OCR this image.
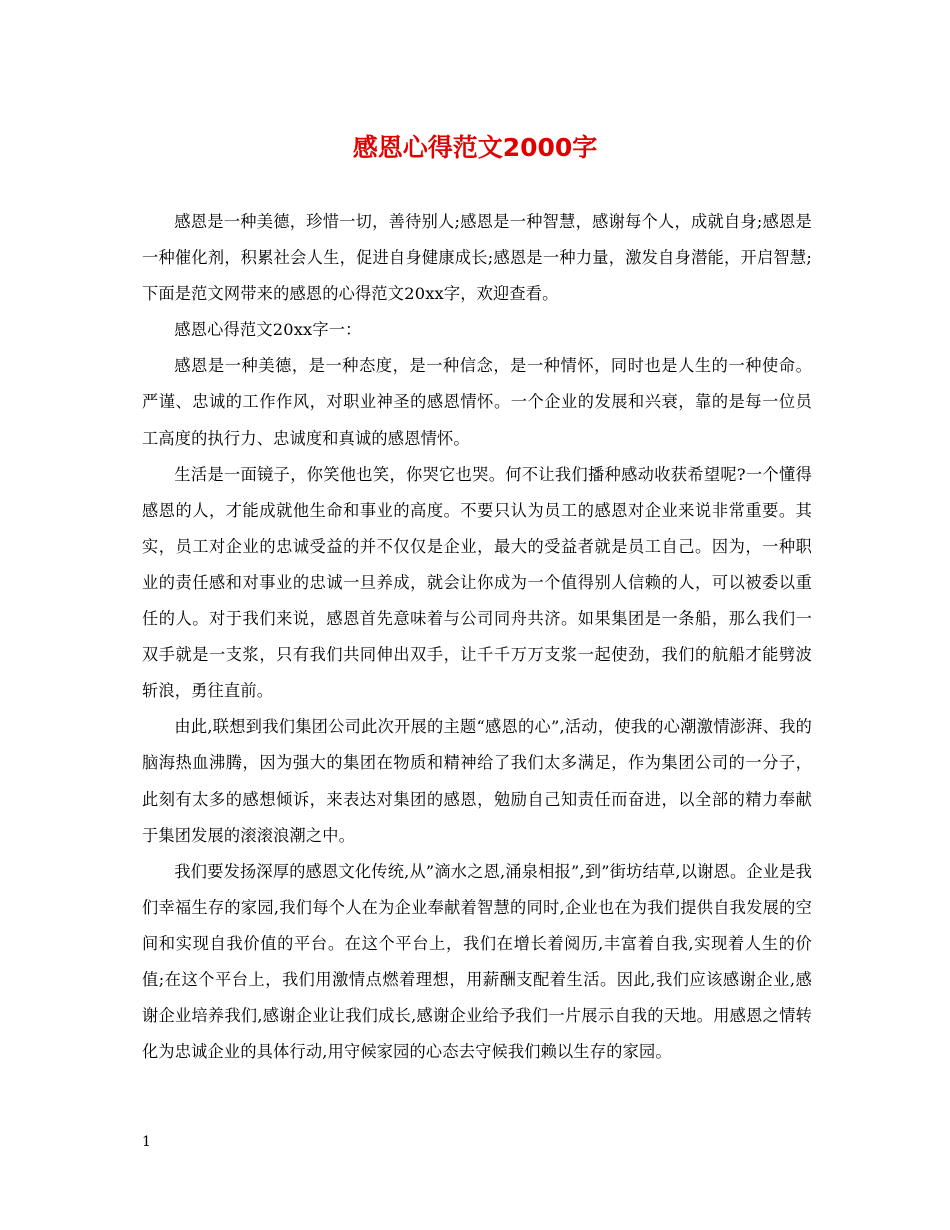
感恩心得范文2000字

感恩是一种美德，珍惜一切，善待别人;感恩是一种智慧，感谢每个人，成就自身;感恩是一种催化剂，积累社会人生，促进自身健康成长;感恩是一种力量，激发自身潜能，开启智慧;下面是范文网带来的感恩的心得范文20xx字，欢迎查看。

感恩心得范文20xx字一：

感恩是一种美德，是一种态度，是一种信念，是一种情怀，同时也是人生的一种使命。严谨、忠诚的工作作风，对职业神圣的感恩情怀。一个企业的发展和兴衰，靠的是每一位员工高度的执行力、忠诚度和真诚的感恩情怀。

生活是一面镜子，你笑他也笑，你哭它也哭。何不让我们播种感动收获希望呢?一个懂得感恩的人，才能成就他生命和事业的高度。不要只认为员工的感恩对企业来说非常重要。其实，员工对企业的忠诚受益的并不仅仅是企业，最大的受益者就是员工自己。因为，一种职业的责任感和对事业的忠诚一旦养成，就会让你成为一个值得别人信赖的人，可以被委以重任的人。对于我们来说，感恩首先意味着与公司同舟共济。如果集团是一条船，那么我们一双手就是一支浆，只有我们共同伸出双手，让千千万万支浆一起使劲，我们的航船才能劈波斩浪，勇往直前。

由此,联想到我们集团公司此次开展的主题“感恩的心”,活动，使我的心潮激情澎湃、我的脑海热血沸腾，因为强大的集团在物质和精神给了我们太多满足，作为集团公司的一分子，此刻有太多的感想倾诉，来表达对集团的感恩，勉励自己知责任而奋进，以全部的精力奉献于集团发展的滚滚浪潮之中。

我们要发扬深厚的感恩文化传统,从”滴水之恩,涌泉相报”,到”街坊结草,以谢恩。企业是我们幸福生存的家园,我们每个人在为企业奉献着智慧的同时,企业也在为我们提供自我发展的空间和实现自我价值的平台。在这个平台上，我们在增长着阅历,丰富着自我,实现着人生的价值;在这个平台上，我们用激情点燃着理想，用薪酬支配着生活。因此,我们应该感谢企业,感谢企业培养我们,感谢企业让我们成长,感谢企业给予我们一片展示自我的天地。用感恩之情转化为忠诚企业的具体行动,用守候家园的心态去守候我们赖以生存的家园。

1
